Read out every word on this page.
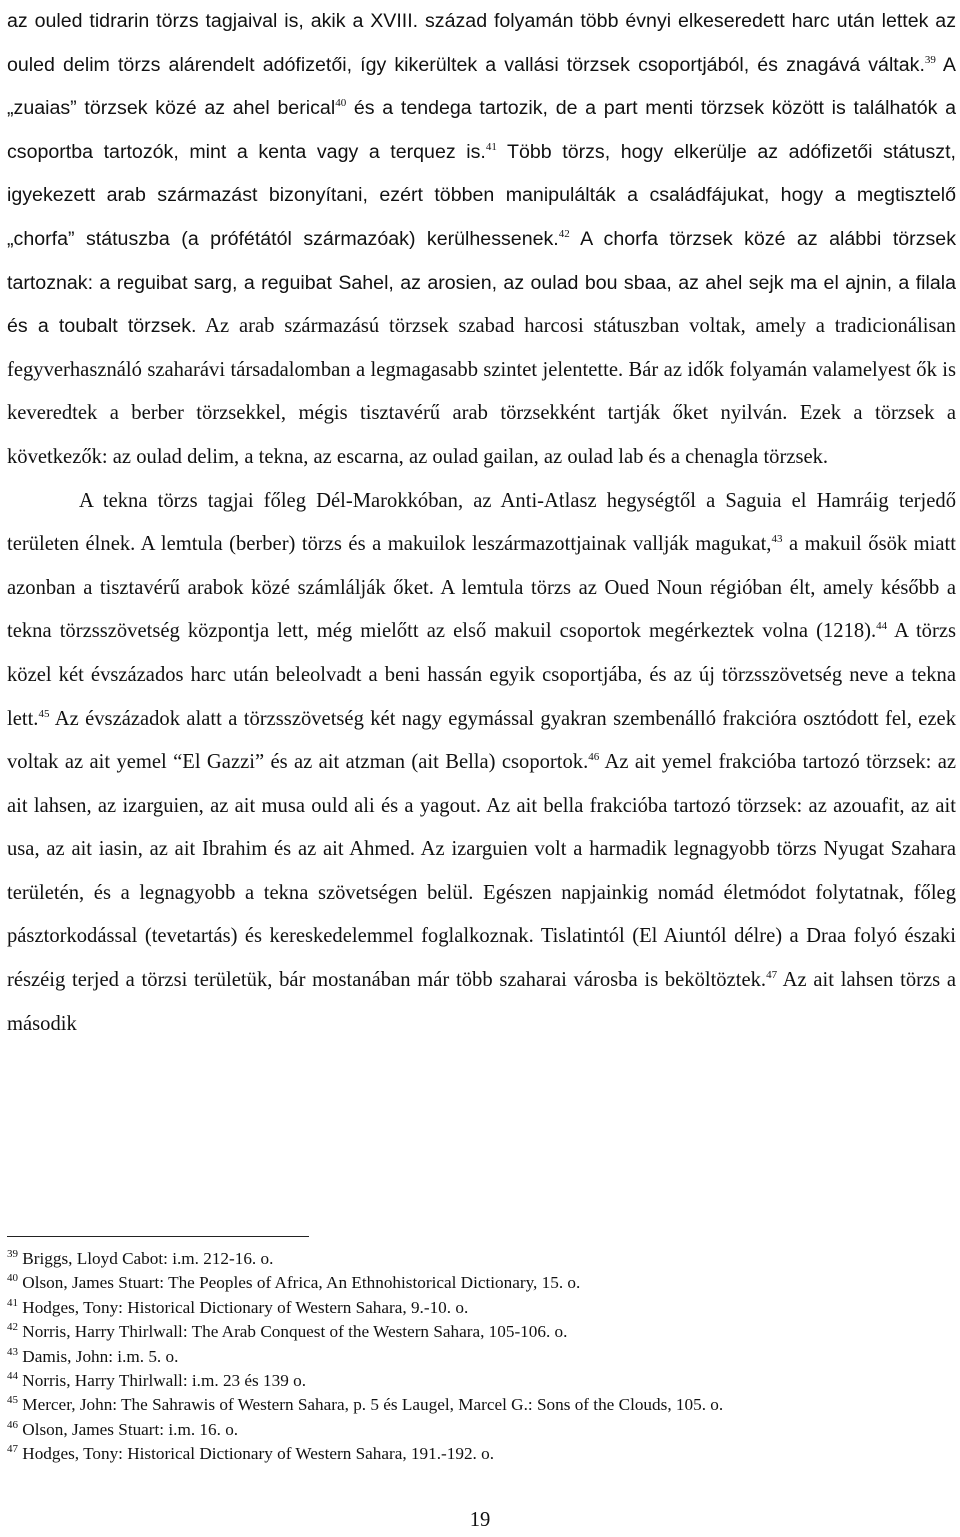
az ouled tidrarin törzs tagjaival is, akik a XVIII. század folyamán több évnyi elkeseredett harc után lettek az ouled delim törzs alárendelt adófizetői, így kikerültek a vallási törzsek csoportjából, és znagává váltak.$^{39}$ A „zuaias” törzsek közé az ahel berical$^{40}$ és a tendega tartozik, de a part menti törzsek között is találhatók a csoportba tartozók, mint a kenta vagy a terquez is.$^{41}$ Több törzs, hogy elkerülje az adófizetői státuszt, igyekezett arab származást bizonyítani, ezért többen manipulálták a családfájukat, hogy a megtisztelő „chorfa” státuszba (a prófétától származóak) kerülhessenek.$^{42}$ A chorfa törzsek közé az alábbi törzsek tartoznak: a reguibat sarg, a reguibat Sahel, az arosien, az oulad bou sbaa, az ahel sejk ma el ajnin, a filala és a toubalt törzsek. Az arab származású törzsek szabad harcosi státuszban voltak, amely a tradicionálisan fegyverhasználó szaharávi társadalomban a legmagasabb szintet jelentette. Bár az idők folyamán valamelyest ők is keveredtek a berber törzsekkel, mégis tisztavérű arab törzsekként tartják őket nyilván. Ezek a törzsek a következők: az oulad delim, a tekna, az escarna, az oulad gailan, az oulad lab és a chenagla törzsek.

A tekna törzs tagjai főleg Dél-Marokkóban, az Anti-Atlasz hegységtől a Saguia el Hamráig terjedő területen élnek. A lemtula (berber) törzs és a makuilok leszármazottjainak vallják magukat,$^{43}$ a makuil ősök miatt azonban a tisztavérű arabok közé számlálják őket. A lemtula törzs az Oued Noun régióban élt, amely később a tekna törzsszövetség központja lett, még mielőtt az első makuil csoportok megérkeztek volna (1218).$^{44}$ A törzs közel két évszázados harc után beleolvadt a beni hassán egyik csoportjába, és az új törzsszövetség neve a tekna lett.$^{45}$ Az évszázadok alatt a törzsszövetség két nagy egymással gyakran szembenálló frakcióra osztódott fel, ezek voltak az ait yemel “El Gazzi” és az ait atzman (ait Bella) csoportok.$^{46}$ Az ait yemel frakcióba tartozó törzsek: az ait lahsen, az izarguien, az ait musa ould ali és a yagout. Az ait bella frakcióba tartozó törzsek: az azouafit, az ait usa, az ait iasin, az ait Ibrahim és az ait Ahmed. Az izarguien volt a harmadik legnagyobb törzs Nyugat Szahara területén, és a legnagyobb a tekna szövetségen belül. Egészen napjainkig nomád életmódot folytatnak, főleg pásztorkodással (tevetartás) és kereskedelemmel foglalkoznak. Tislatintól (El Aiuntól délre) a Draa folyó északi részéig terjed a törzsi területük, bár mostanában már több szaharai városba is beköltöztek.$^{47}$ Az ait lahsen törzs a második

$^{39}$ Briggs, Lloyd Cabot: i.m. 212-16. o.
$^{40}$ Olson, James Stuart: The Peoples of Africa, An Ethnohistorical Dictionary, 15. o.
$^{41}$ Hodges, Tony: Historical Dictionary of Western Sahara, 9.-10. o.
$^{42}$ Norris, Harry Thirlwall: The Arab Conquest of the Western Sahara, 105-106. o.
$^{43}$ Damis, John: i.m. 5. o.
$^{44}$ Norris, Harry Thirlwall: i.m. 23 és 139 o.
$^{45}$ Mercer, John: The Sahrawis of Western Sahara, p. 5 és Laugel, Marcel G.: Sons of the Clouds, 105. o.
$^{46}$ Olson, James Stuart: i.m. 16. o.
$^{47}$ Hodges, Tony: Historical Dictionary of Western Sahara, 191.-192. o.
19
